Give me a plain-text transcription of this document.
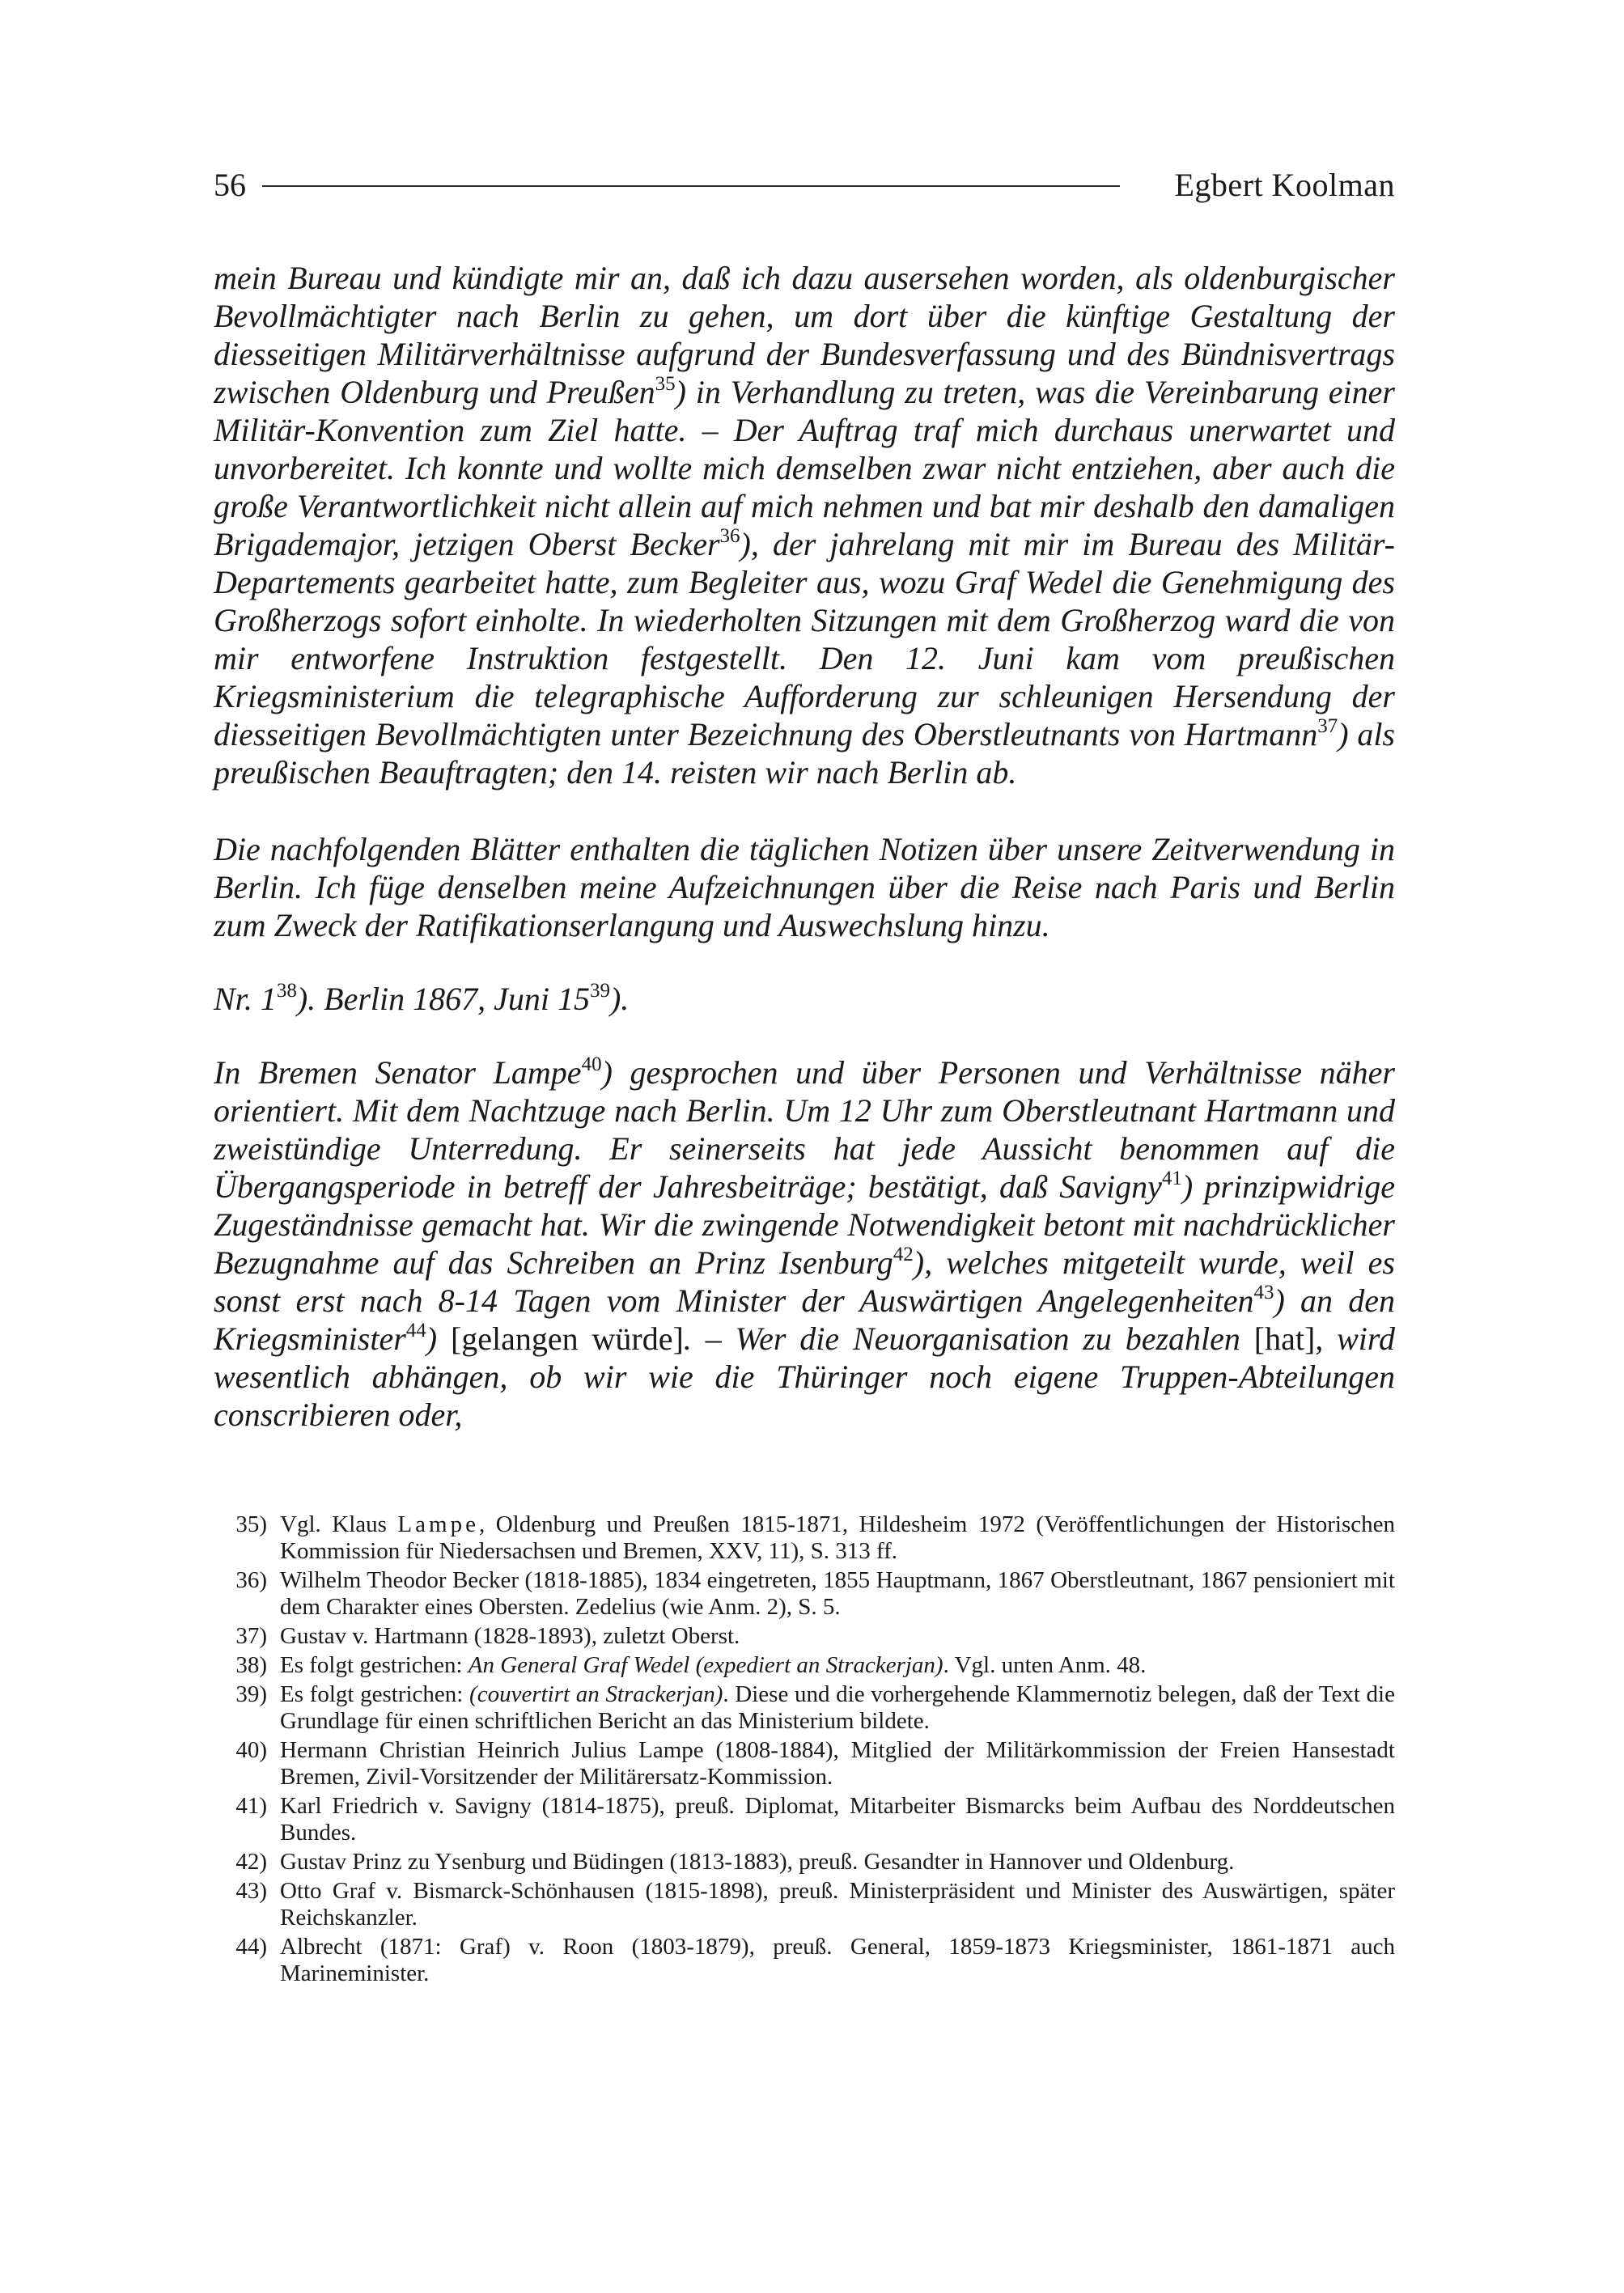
56	Egbert Koolman

mein Bureau und kündigte mir an, daß ich dazu ausersehen worden, als oldenburgischer Bevollmächtigter nach Berlin zu gehen, um dort über die künftige Gestaltung der diesseitigen Militärverhältnisse aufgrund der Bundesverfassung und des Bündnisvertrags zwischen Oldenburg und Preußen$^{35}$) in Verhandlung zu treten, was die Vereinbarung einer Militär-Konvention zum Ziel hatte. – Der Auftrag traf mich durchaus unerwartet und unvorbereitet. Ich konnte und wollte mich demselben zwar nicht entziehen, aber auch die große Verantwortlichkeit nicht allein auf mich nehmen und bat mir deshalb den damaligen Brigademajor, jetzigen Oberst Becker$^{36}$), der jahrelang mit mir im Bureau des Militär-Departements gearbeitet hatte, zum Begleiter aus, wozu Graf Wedel die Genehmigung des Großherzogs sofort einholte. In wiederholten Sitzungen mit dem Großherzog ward die von mir entworfene Instruktion festgestellt. Den 12. Juni kam vom preußischen Kriegsministerium die telegraphische Aufforderung zur schleunigen Hersendung der diesseitigen Bevollmächtigten unter Bezeichnung des Oberstleutnants von Hartmann$^{37}$) als preußischen Beauftragten; den 14. reisten wir nach Berlin ab.

Die nachfolgenden Blätter enthalten die täglichen Notizen über unsere Zeitverwendung in Berlin. Ich füge denselben meine Aufzeichnungen über die Reise nach Paris und Berlin zum Zweck der Ratifikationserlangung und Auswechslung hinzu.

Nr. $1^{38}$). Berlin 1867, Juni $15^{39}$).

In Bremen Senator Lampe$^{40}$) gesprochen und über Personen und Verhältnisse näher orientiert. Mit dem Nachtzuge nach Berlin. Um 12 Uhr zum Oberstleutnant Hartmann und zweistündige Unterredung. Er seinerseits hat jede Aussicht benommen auf die Übergangsperiode in betreff der Jahresbeiträge; bestätigt, daß Savigny$^{41}$) prinzipwidrige Zugeständnisse gemacht hat. Wir die zwingende Notwendigkeit betont mit nachdrücklicher Bezugnahme auf das Schreiben an Prinz Isenburg$^{42}$), welches mitgeteilt wurde, weil es sonst erst nach 8-14 Tagen vom Minister der Auswärtigen Angelegenheiten$^{43}$) an den Kriegsminister$^{44}$) [gelangen würde]. – Wer die Neuorganisation zu bezahlen [hat], wird wesentlich abhängen, ob wir wie die Thüringer noch eigene Truppen-Abteilungen conscribieren oder,

35) Vgl. Klaus Lampe, Oldenburg und Preußen 1815-1871, Hildesheim 1972 (Veröffentlichungen der Historischen Kommission für Niedersachsen und Bremen, XXV, 11), S. 313 ff.
36) Wilhelm Theodor Becker (1818-1885), 1834 eingetreten, 1855 Hauptmann, 1867 Oberstleutnant, 1867 pensioniert mit dem Charakter eines Obersten. Zedelius (wie Anm. 2), S. 5.
37) Gustav v. Hartmann (1828-1893), zuletzt Oberst.
38) Es folgt gestrichen: An General Graf Wedel (expediert an Strackerjan). Vgl. unten Anm. 48.
39) Es folgt gestrichen: (couvertirt an Strackerjan). Diese und die vorhergehende Klammernotiz belegen, daß der Text die Grundlage für einen schriftlichen Bericht an das Ministerium bildete.
40) Hermann Christian Heinrich Julius Lampe (1808-1884), Mitglied der Militärkommission der Freien Hansestadt Bremen, Zivil-Vorsitzender der Militärersatz-Kommission.
41) Karl Friedrich v. Savigny (1814-1875), preuß. Diplomat, Mitarbeiter Bismarcks beim Aufbau des Norddeutschen Bundes.
42) Gustav Prinz zu Ysenburg und Büdingen (1813-1883), preuß. Gesandter in Hannover und Oldenburg.
43) Otto Graf v. Bismarck-Schönhausen (1815-1898), preuß. Ministerpräsident und Minister des Auswärtigen, später Reichskanzler.
44) Albrecht (1871: Graf) v. Roon (1803-1879), preuß. General, 1859-1873 Kriegsminister, 1861-1871 auch Marineminister.
